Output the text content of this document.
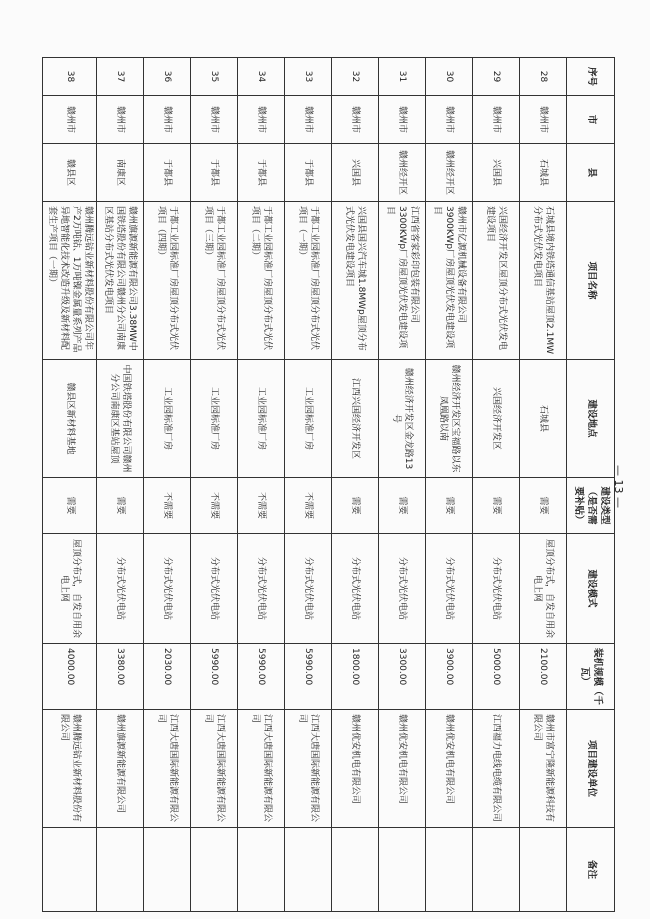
序号	市	县	项目名称	建设地点	建设类型（是否需要补贴）	建设模式	装机规模（千瓦）	项目建设单位	备注
28	赣州市	石城县	石城县境内铁塔通信基站屋顶2.1MW分布式光伏发电项目	石城县	需要	屋顶分布式，自发自用余电上网	2100.00	赣州市富宁隆新能源科技有限公司	
29	赣州市	兴国县	兴国经济开发区屋顶分布式光伏发电建设项目	兴国经济开发区	需要	分布式光伏电站	5000.00	江西福力电线电缆有限公司	
30	赣州市	赣州经开区	赣州市亿源机械设备有限公司3900KWp厂房屋顶光伏发电建设项目	赣州经济开发区宝福路以东凤凰路以南	需要	分布式光伏电站	3900.00	赣州优安机电有限公司	
31	赣州市	赣州经开区	江西省客家彩印包装有限公司3300KWp厂房屋顶光伏发电建设项目	赣州经济开发区金龙路13号	需要	分布式光伏电站	3300.00	赣州优安机电有限公司	
32	赣州市	兴国县	兴国县国兴汽车城1.8MWp屋顶分布式光伏发电建设项目	江西兴国经济开发区	需要	分布式光伏电站	1800.00	赣州优安机电有限公司	
33	赣州市	于都县	于都工业园标准厂房屋顶分布式光伏项目（一期）	工业园标准厂房	不需要	分布式光伏电站	5990.00	江西大唐国际新能源有限公司	
34	赣州市	于都县	于都工业园标准厂房屋顶分布式光伏项目（二期）	工业园标准厂房	不需要	分布式光伏电站	5990.00	江西大唐国际新能源有限公司	
35	赣州市	于都县	于都工业园标准厂房屋顶分布式光伏项目（三期）	工业园标准厂房	不需要	分布式光伏电站	5990.00	江西大唐国际新能源有限公司	
36	赣州市	于都县	于都工业园标准厂房屋顶分布式光伏项目（四期）	工业园标准厂房	不需要	分布式光伏电站	2030.00	江西大唐国际新能源有限公司	
37	赣州市	南康区	赣州旗源新能源有限公司3.38MW中国铁塔股份有限公司赣州分公司南康区基站分布式光伏发电项目	中国铁塔股份有限公司赣州分公司南康区基站屋顶	需要	分布式光伏电站	3380.00	赣州旗源新能源有限公司	
38	赣州市	赣县区	赣州腾远钴业新材料股份有限公司年产2万吨钴、1万吨镍金属量系列产品异地智能化技术改造升级及新材料配套生产项目（一期）	赣县区新材料基地	需要	屋顶分布式，自发自用余电上网	4000.00	赣州腾远钴业新材料股份有限公司	
— 13 —
